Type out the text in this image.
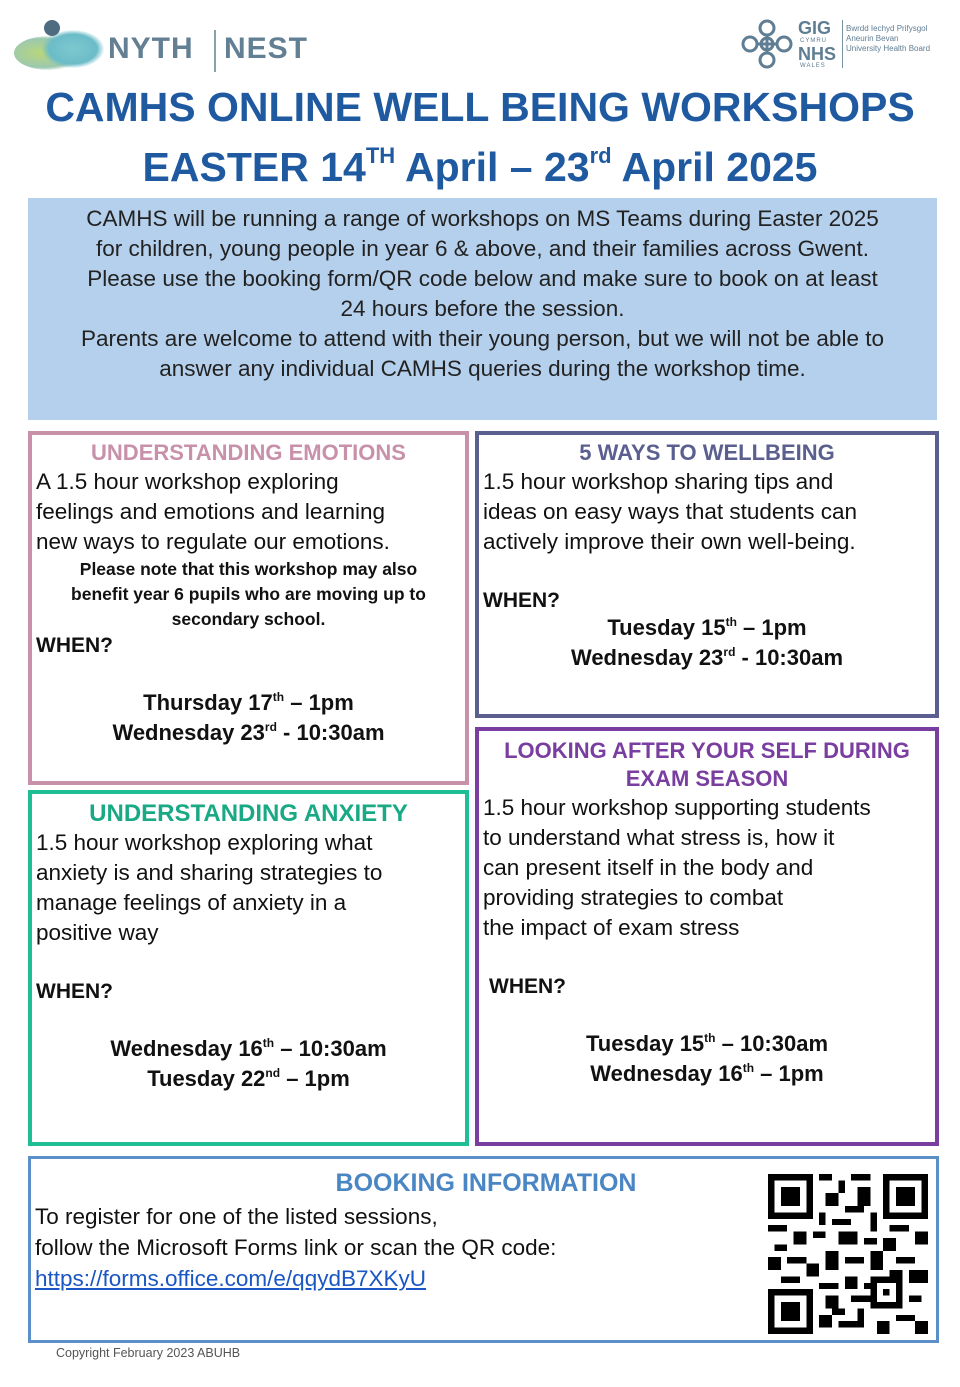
NYTH NEST
GIG
CYMRU
NHS
WALES
Bwrdd Iechyd Prifysgol
Aneurin Bevan
University Health Board
CAMHS ONLINE WELL BEING WORKSHOPS
EASTER 14TH April – 23rd April 2025

CAMHS will be running a range of workshops on MS Teams during Easter 2025

for children, young people in year 6 & above, and their families across Gwent.

Please use the booking form/QR code below and make sure to book on at least

24 hours before the session.

Parents are welcome to attend with their young person, but we will not be able to

answer any individual CAMHS queries during the workshop time.

UNDERSTANDING EMOTIONS
A 1.5 hour workshop exploring
feelings and emotions and learning
new ways to regulate our emotions.
Please note that this workshop may also
benefit year 6 pupils who are moving up to
secondary school.
WHEN?
Thursday 17th – 1pm
Wednesday 23rd - 10:30am
5 WAYS TO WELLBEING
1.5 hour workshop sharing tips and
ideas on easy ways that students can
actively improve their own well-being.
WHEN?
Tuesday 15th – 1pm
Wednesday 23rd - 10:30am
UNDERSTANDING ANXIETY
1.5 hour workshop exploring what
anxiety is and sharing strategies to
manage feelings of anxiety in a
positive way
WHEN?
Wednesday 16th – 10:30am
Tuesday 22nd – 1pm
LOOKING AFTER YOUR SELF DURING
EXAM SEASON
1.5 hour workshop supporting students
to understand what stress is, how it
can present itself in the body and
providing strategies to combat
the impact of exam stress
WHEN?
Tuesday 15th – 10:30am
Wednesday 16th – 1pm
BOOKING INFORMATION
To register for one of the listed sessions,
follow the Microsoft Forms link or scan the QR code:
https://forms.office.com/e/qqydB7XKyU
Copyright February 2023 ABUHB
